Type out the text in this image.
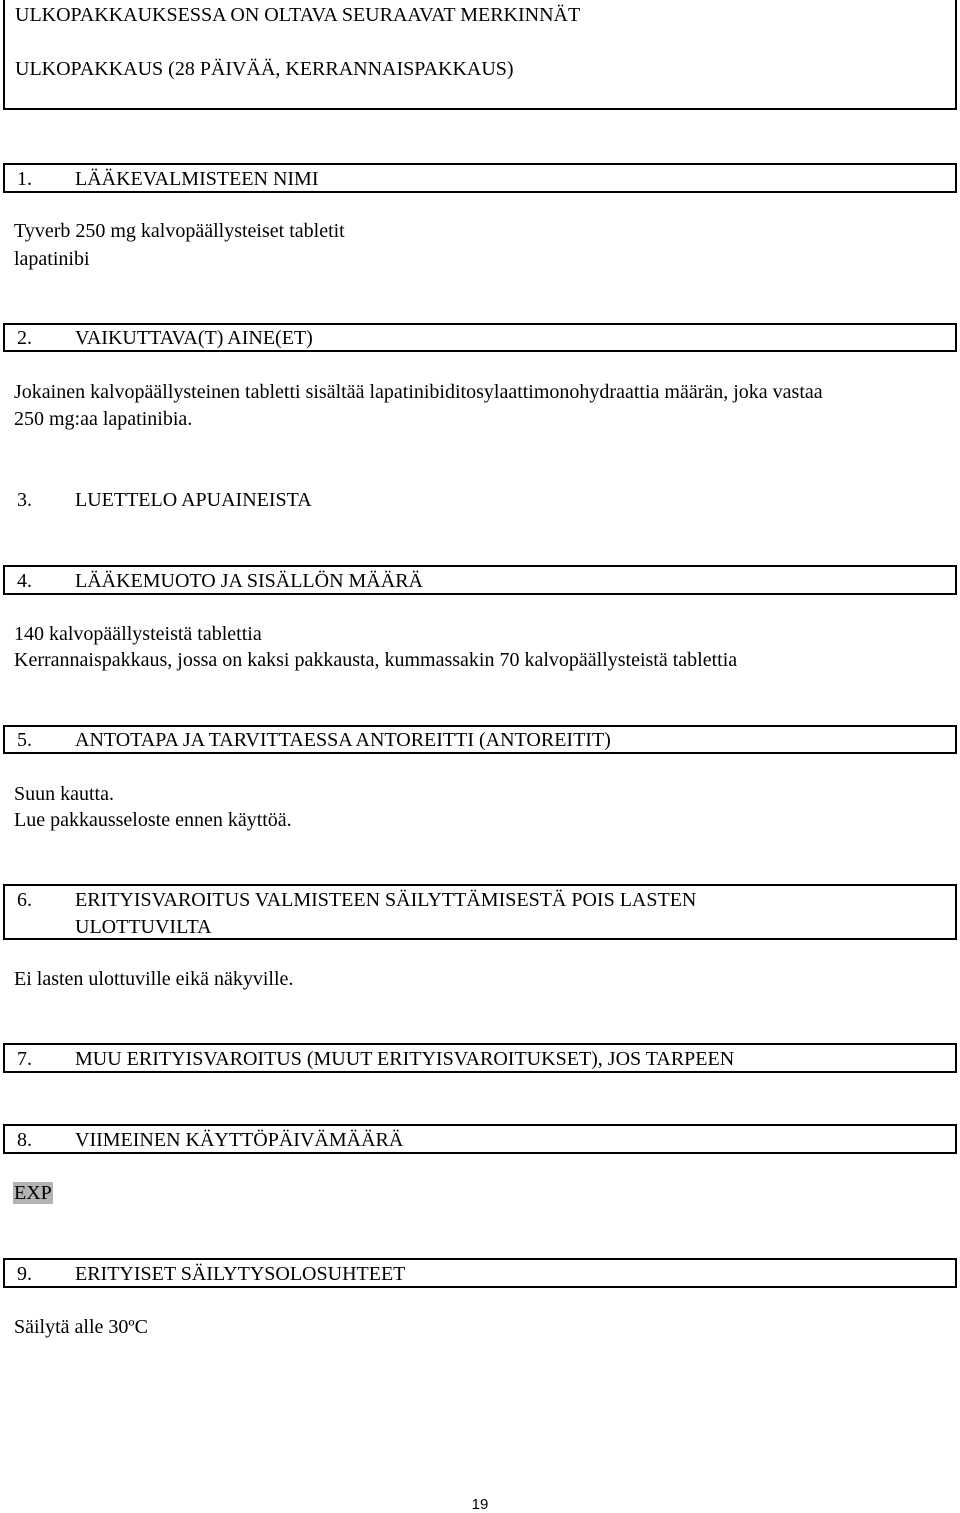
ULKOPAKKAUKSESSA ON OLTAVA SEURAAVAT MERKINNÄT
ULKOPAKKAUS (28 PÄIVÄÄ, KERRANNAISPAKKAUS)
1. LÄÄKEVALMISTEEN NIMI
Tyverb 250 mg kalvopäällysteiset tabletit
lapatinibi
2. VAIKUTTAVA(T) AINE(ET)
Jokainen kalvopäällysteinen tabletti sisältää lapatinibiditosylaattimonohydraattia määrän, joka vastaa
250 mg:aa lapatinibia.
3. LUETTELO APUAINEISTA
4. LÄÄKEMUOTO JA SISÄLLÖN MÄÄRÄ
140 kalvopäällysteistä tablettia
Kerrannaispakkaus, jossa on kaksi pakkausta, kummassakin 70 kalvopäällysteistä tablettia
5. ANTOTAPA JA TARVITTAESSA ANTOREITTI (ANTOREITIT)
Suun kautta.
Lue pakkausseloste ennen käyttöä.
6. ERITYISVAROITUS VALMISTEEN SÄILYTTÄMISESTÄ POIS LASTEN
ULOTTUVILTA
Ei lasten ulottuville eikä näkyville.
7. MUU ERITYISVAROITUS (MUUT ERITYISVAROITUKSET), JOS TARPEEN
8. VIIMEINEN KÄYTTÖPÄIVÄMÄÄRÄ
EXP
9. ERITYISET SÄILYTYSOLOSUHTEET
Säilytä alle 30ºC
19
